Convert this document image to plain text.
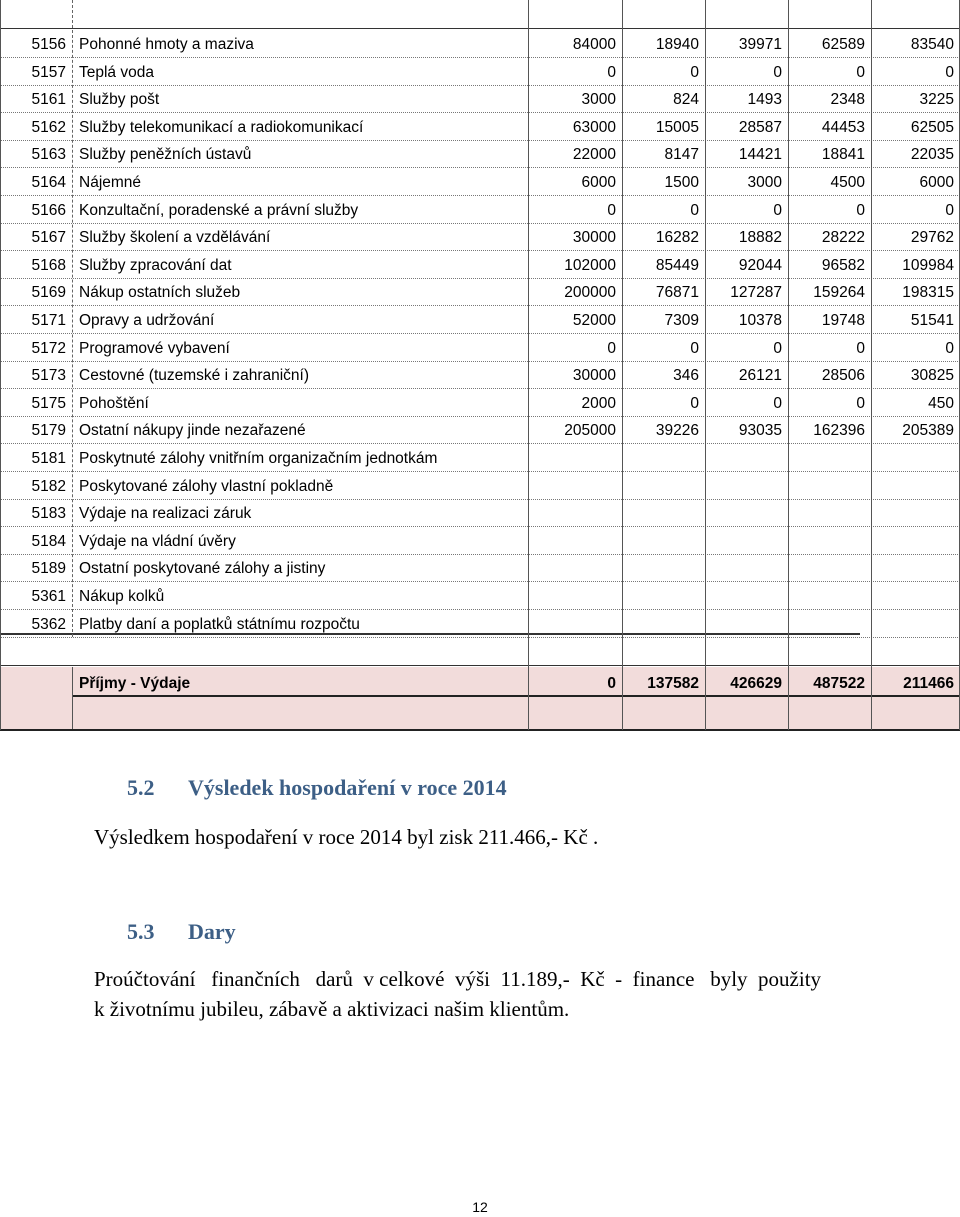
5156 Pohonné hmoty a maziva	84000	18940	39971	62589	83540
5157 Teplá voda	0	0	0	0	0
5161 Služby pošt	3000	824	1493	2348	3225
5162 Služby telekomunikací a radiokomunikací	63000	15005	28587	44453	62505
5163 Služby peněžních ústavů	22000	8147	14421	18841	22035
5164 Nájemné	6000	1500	3000	4500	6000
5166 Konzultační, poradenské a právní služby	0	0	0	0	0
5167 Služby školení a vzdělávání	30000	16282	18882	28222	29762
5168 Služby zpracování dat	102000	85449	92044	96582	109984
5169 Nákup ostatních služeb	200000	76871	127287	159264	198315
5171 Opravy a udržování	52000	7309	10378	19748	51541
5172 Programové vybavení	0	0	0	0	0
5173 Cestovné (tuzemské i zahraniční)	30000	346	26121	28506	30825
5175 Pohoštění	2000	0	0	0	450
5179 Ostatní nákupy jinde nezařazené	205000	39226	93035	162396	205389
5181 Poskytnuté zálohy vnitřním organizačním jednotkám
5182 Poskytované zálohy vlastní pokladně
5183 Výdaje na realizaci záruk
5184 Výdaje na vládní úvěry
5189 Ostatní poskytované zálohy a jistiny
5361 Nákup kolků
5362 Platby daní a poplatků státnímu rozpočtu
Příjmy - Výdaje	0	137582	426629	487522	211466
5.2 Výsledek hospodaření v roce 2014
Výsledkem hospodaření v roce 2014 byl zisk 211.466,- Kč .
5.3 Dary
Proúčtování   finančních   darů  v celkové  výši  11.189,-  Kč  -  finance   byly  použity
k životnímu jubileu, zábavě a aktivizaci našim klientům.
12
